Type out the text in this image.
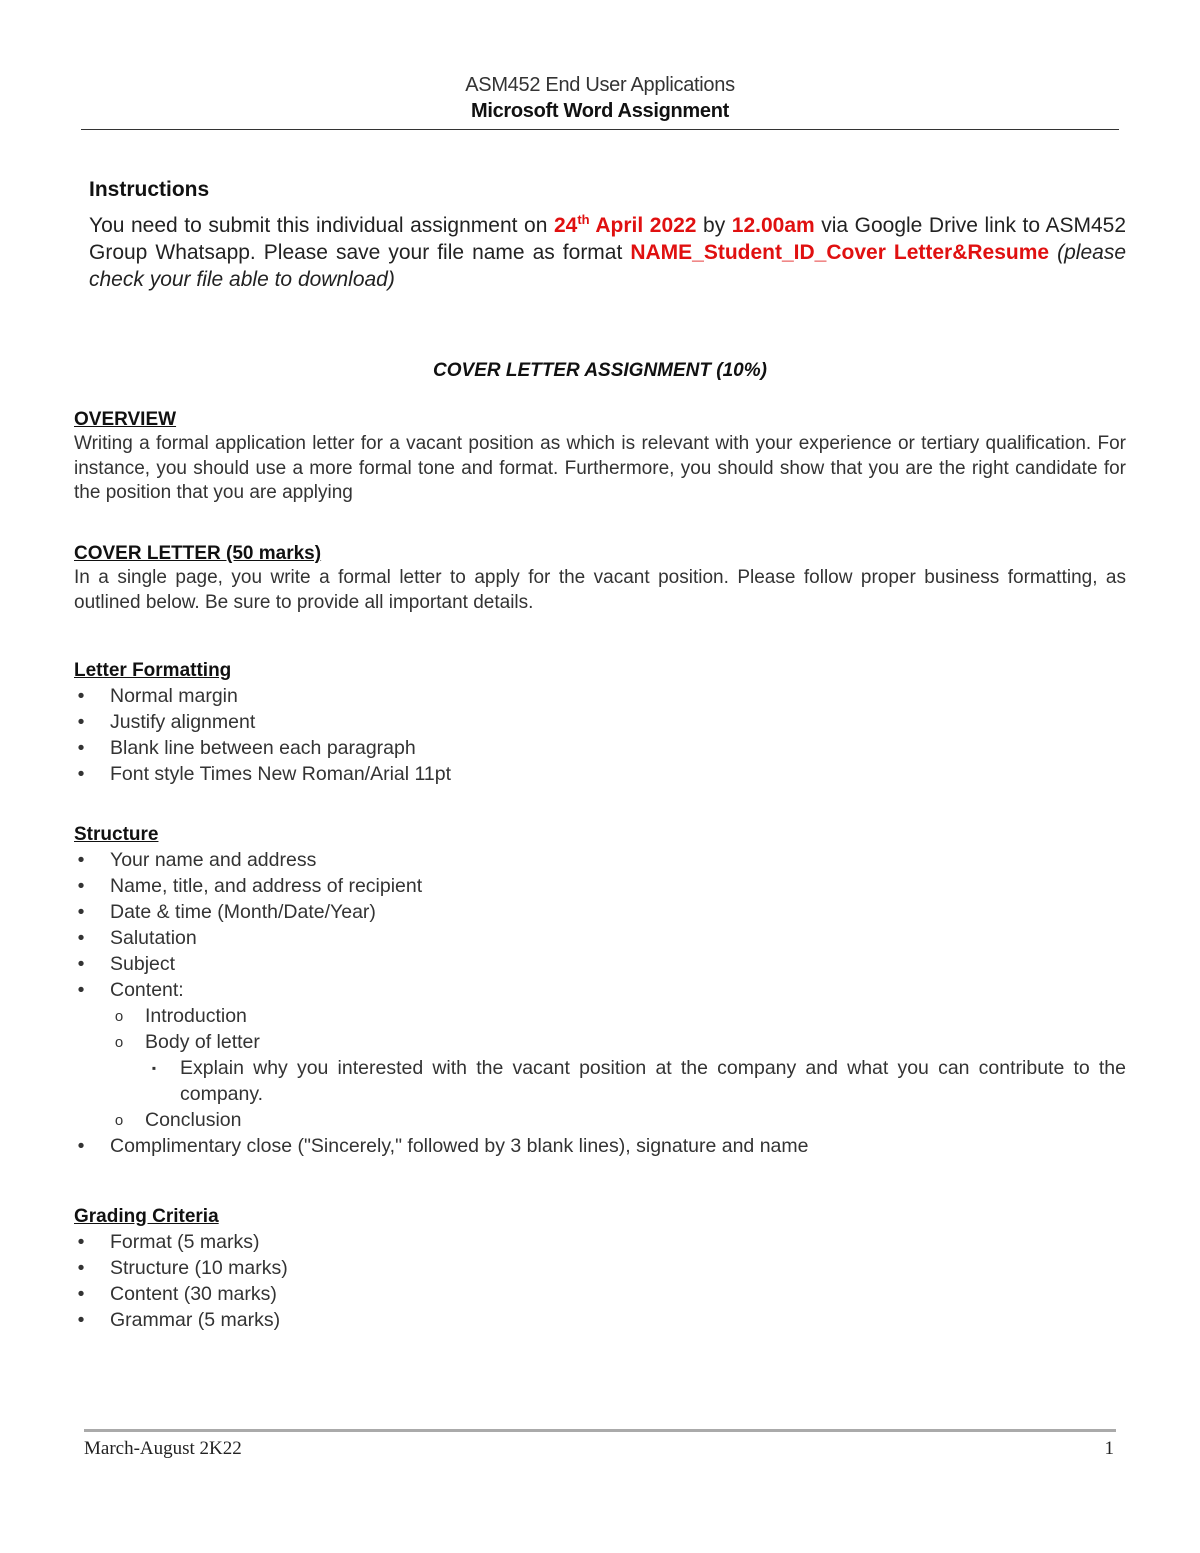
ASM452 End User Applications
Microsoft Word Assignment
Instructions

You need to submit this individual assignment on 24th April 2022 by 12.00am via Google Drive link to ASM452 Group Whatsapp. Please save your file name as format NAME_Student_ID_Cover Letter&Resume (please check your file able to download)

COVER LETTER ASSIGNMENT (10%)
OVERVIEW
Writing a formal application letter for a vacant position as which is relevant with your experience or tertiary qualification. For instance, you should use a more formal tone and format. Furthermore, you should show that you are the right candidate for the position that you are applying
COVER LETTER (50 marks)
In a single page, you write a formal letter to apply for the vacant position. Please follow proper business formatting, as outlined below. Be sure to provide all important details.
Letter Formatting
• Normal margin
• Justify alignment
• Blank line between each paragraph
• Font style Times New Roman/Arial 11pt
Structure
• Your name and address
• Name, title, and address of recipient
• Date & time (Month/Date/Year)
• Salutation
• Subject
• Content:
o Introduction
o Body of letter
▪ Explain why you interested with the vacant position at the company and what you can contribute to the company.
o Conclusion
• Complimentary close ("Sincerely," followed by 3 blank lines), signature and name
Grading Criteria
• Format (5 marks)
• Structure (10 marks)
• Content (30 marks)
• Grammar (5 marks)
March-August 2K22	1
